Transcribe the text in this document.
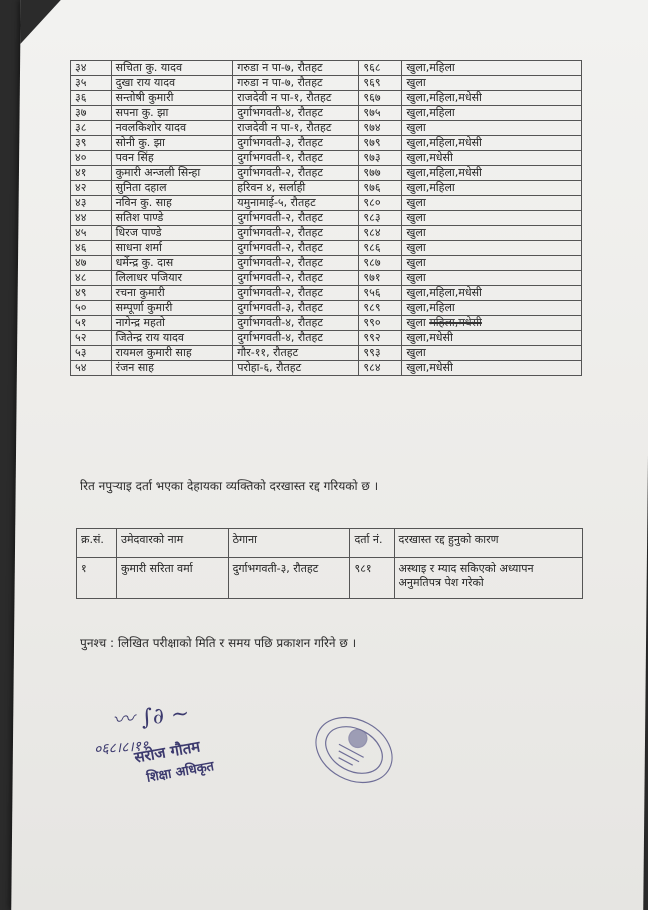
३४	सचिता कु. यादव	गरुडा न पा-७, रौतहट	९६८	खुला,महिला
३५	दुखा राय यादव	गरुडा न पा-७, रौतहट	९६९	खुला
३६	सन्तोषी कुमारी	राजदेवी न पा-१, रौतहट	९६७	खुला,महिला,मधेसी
३७	सपना कु. झा	दुर्गाभगवती-४, रौतहट	९७५	खुला,महिला
३८	नवलकिशोर यादव	राजदेवी न पा-१, रौतहट	९७४	खुला
३९	सोनी कु. झा	दुर्गाभगवती-३, रौतहट	९७९	खुला,महिला,मधेसी
४०	पवन सिंह	दुर्गाभगवती-१, रौतहट	९७३	खुला,मधेसी
४१	कुमारी अन्जली सिन्हा	दुर्गाभगवती-२, रौतहट	९७७	खुला,महिला,मधेसी
४२	सुनिता दहाल	हरिवन ४, सर्लाही	९७६	खुला,महिला
४३	नविन कु. साह	यमुनामाई-५, रौतहट	९८०	खुला
४४	सतिश पाण्डे	दुर्गाभगवती-२, रौतहट	९८३	खुला
४५	धिरज पाण्डे	दुर्गाभगवती-२, रौतहट	९८४	खुला
४६	साधना शर्मा	दुर्गाभगवती-२, रौतहट	९८६	खुला
४७	धर्मेन्द्र कु. दास	दुर्गाभगवती-२, रौतहट	९८७	खुला
४८	लिलाधर पजियार	दुर्गाभगवती-२, रौतहट	९७१	खुला
४९	रचना कुमारी	दुर्गाभगवती-२, रौतहट	९५६	खुला,महिला,मधेसी
५०	सम्पूर्णा कुमारी	दुर्गाभगवती-३, रौतहट	९८९	खुला,महिला
५१	नागेन्द्र महतो	दुर्गाभगवती-४, रौतहट	९९०	खुला महिला,मधेसी
५२	जितेन्द्र राय यादव	दुर्गाभगवती-४, रौतहट	९९२	खुला,मधेसी
५३	रायमल कुमारी साह	गौर-११, रौतहट	९९३	खुला
५४	रंजन साह	परोहा-६, रौतहट	९८४	खुला,मधेसी
रित नपुऱ्याइ दर्ता भएका देहायका व्यक्तिको दरखास्त रद्द गरियको छ ।
क्र.सं.	उमेदवारको नाम	ठेगाना	दर्ता नं.	दरखास्त रद्द हुनुको कारण
१	कुमारी सरिता वर्मा	दुर्गाभगवती-३, रौतहट	९८१	अस्थाइ र म्याद सकिएको अध्यापन अनुमतिपत्र पेश गरेको
पुनश्च : लिखित परीक्षाको मिति र समय पछि प्रकाशन गरिने छ ।
〰 ∫∂ ~
०६८।८।११
सरोज गौतम
शिक्षा अधिकृत
